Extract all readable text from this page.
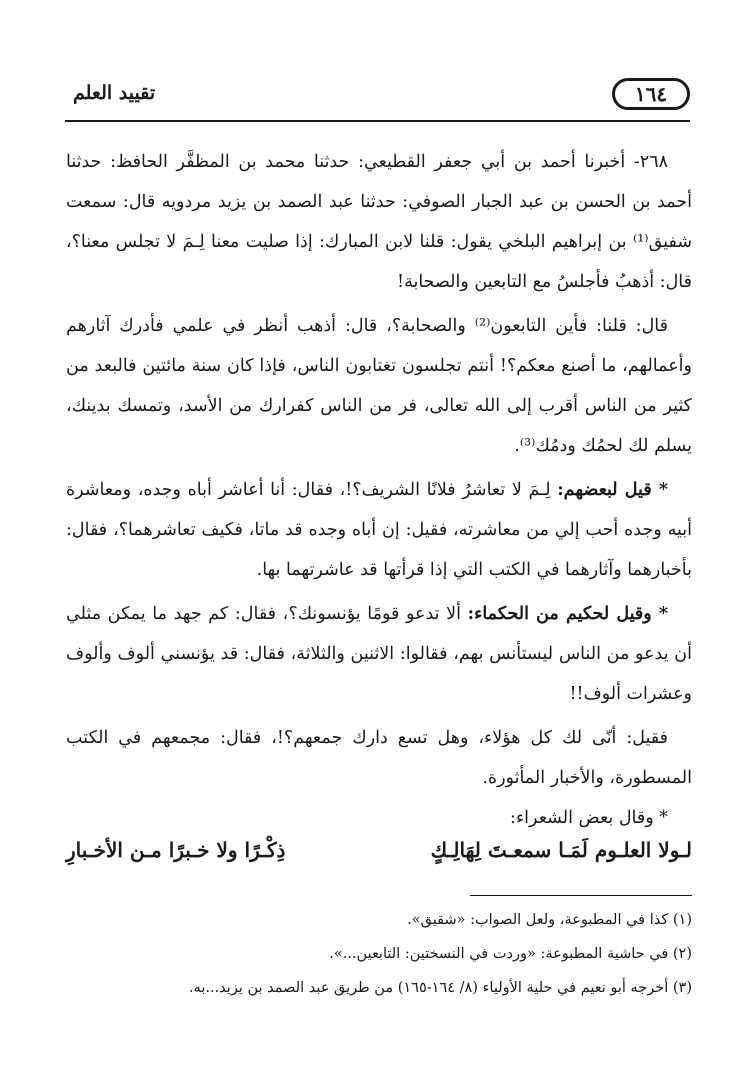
١٦٤
تقييد العلم

٢٦٨- أخبرنا أحمد بن أبي جعفر القطيعي: حدثنا محمد بن المظفَّر الحافظ: حدثنا أحمد بن الحسن بن عبد الجبار الصوفي: حدثنا عبد الصمد بن يزيد مردويه قال: سمعت شفيق⁽¹⁾ بن إبراهيم البلخي يقول: قلنا لابن المبارك: إذا صليت معنا لِـمَ لا تجلس معنا؟، قال: أذهبُ فأجلسُ مع التابعين والصحابة!

قال: قلنا: فأين التابعون⁽²⁾ والصحابة؟، قال: أذهب أنظر في علمي فأدرك آثارهم وأعمالهم، ما أصنع معكم؟! أنتم تجلسون تغتابون الناس، فإذا كان سنة مائتين فالبعد من كثير من الناس أقرب إلى الله تعالى، فر من الناس كفرارك من الأسد، وتمسك بدينك، يسلم لك لحمُك ودمُك⁽³⁾.

* قيل لبعضهم: لِـمَ لا تعاشرُ فلانًا الشريف؟!، فقال: أنا أعاشر أباه وجده، ومعاشرة أبيه وجده أحب إلي من معاشرته، فقيل: إن أباه وجده قد ماتا، فكيف تعاشرهما؟، فقال: بأخبارهما وآثارهما في الكتب التي إذا قرأتها قد عاشرتهما بها.

* وقيل لحكيم من الحكماء: ألا تدعو قومًا يؤنسونك؟، فقال: كم جهد ما يمكن مثلي أن يدعو من الناس ليستأنس بهم، فقالوا: الاثنين والثلاثة، فقال: قد يؤنسني ألوف وألوف وعشرات ألوف!!

فقيل: أنّى لك كل هؤلاء، وهل تسع دارك جمعهم؟!، فقال: مجمعهم في الكتب المسطورة، والأخبار المأثورة.

* وقال بعض الشعراء:

لـولا العلـوم لَمَـا سمعـتَ لِهَالِـكٍ
ذِكْـرًا ولا خـبرًا مـن الأخـبارِ

(١) كذا في المطبوعة، ولعل الصواب: «شقيق».

(٢) في حاشية المطبوعة: «وردت في النسختين: التابعين...».

(٣) أخرجه أبو نعيم في حلية الأولياء (٨/ ١٦٤-١٦٥) من طريق عبد الصمد بن يزيد...به.
